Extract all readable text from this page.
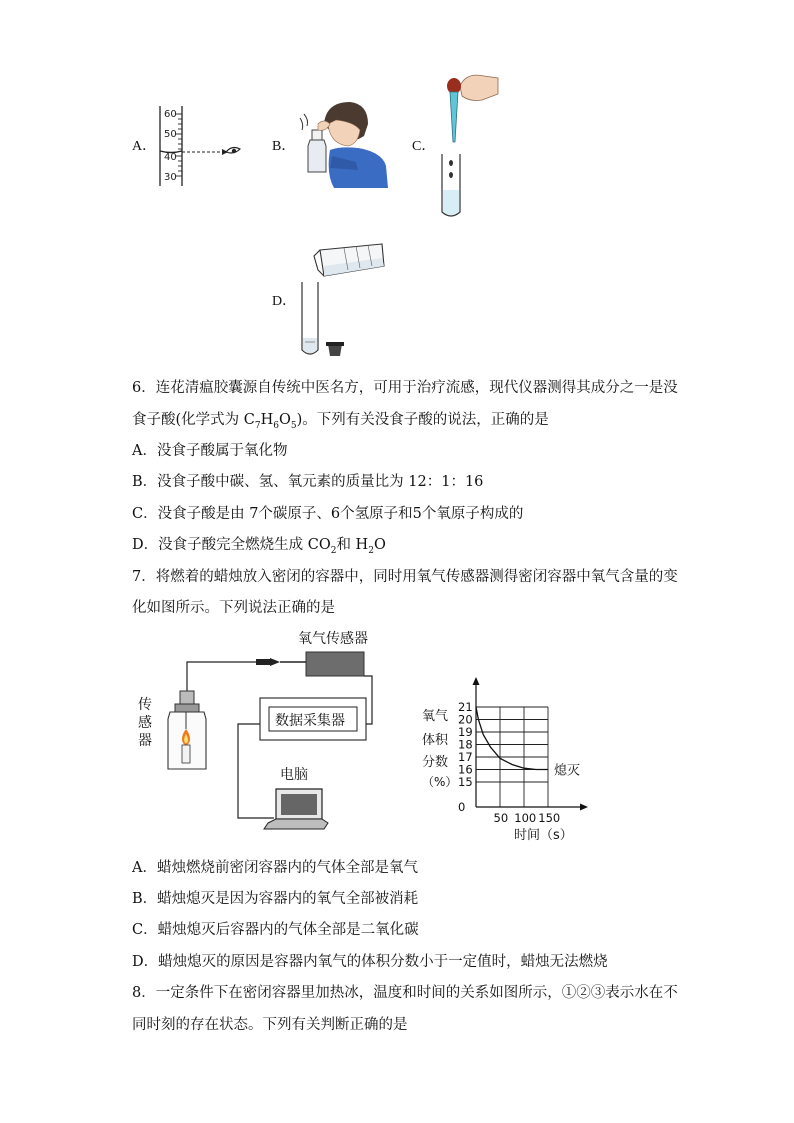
A．
60
50
40
30
B．	C．
D．
6．连花清瘟胶囊源自传统中医名方，可用于治疗流感，现代仪器测得其成分之一是没
食子酸(化学式为 $C_7H_6O_5$)。下列有关没食子酸的说法，正确的是
A．没食子酸属于氧化物
B．没食子酸中碳、氢、氧元素的质量比为 12：1：16
C．没食子酸是由 7个碳原子、6个氢原子和5个氧原子构成的
D．没食子酸完全燃烧生成 $CO_2$和 $H_2O$
7．将燃着的蜡烛放入密闭的容器中，同时用氧气传感器测得密闭容器中氧气含量的变
化如图所示。下列说法正确的是
氧气传感器
传
感
器
数据采集器
电脑
氧气
体积
分数
（%）
21
20
19
18
17
16
15
0
50 100 150
熄灭
时间（s）
A．蜡烛燃烧前密闭容器内的气体全部是氧气
B．蜡烛熄灭是因为容器内的氧气全部被消耗
C．蜡烛熄灭后容器内的气体全部是二氧化碳
D．蜡烛熄灭的原因是容器内氧气的体积分数小于一定值时，蜡烛无法燃烧
8．一定条件下在密闭容器里加热冰，温度和时间的关系如图所示，①②③表示水在不
同时刻的存在状态。下列有关判断正确的是
